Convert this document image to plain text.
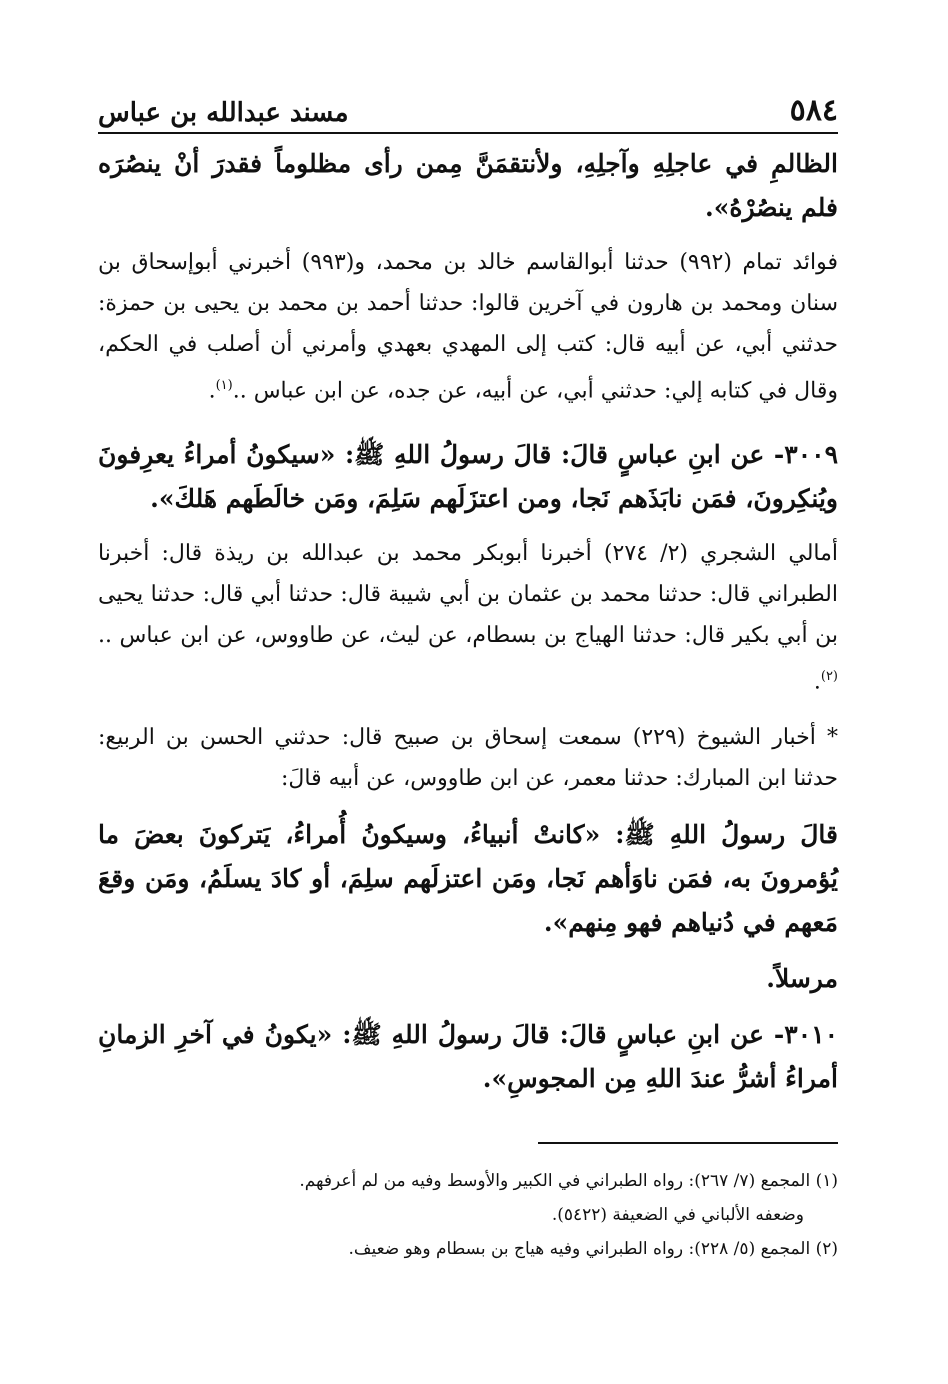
٥٨٤
مسند عبدالله بن عباس

الظالمِ في عاجلِهِ وآجلِهِ، ولأنتقمَنَّ مِمن رأى مظلوماً فقدرَ أنْ ينصُرَه فلم ينصُرْهُ».

فوائد تمام (٩٩٢) حدثنا أبوالقاسم خالد بن محمد، و(٩٩٣) أخبرني أبوإسحاق بن سنان ومحمد بن هارون في آخرين قالوا: حدثنا أحمد بن محمد بن يحيى بن حمزة: حدثني أبي، عن أبيه قال: كتب إلى المهدي بعهدي وأمرني أن أصلب في الحكم، وقال في كتابه إلي: حدثني أبي، عن أبيه، عن جده، عن ابن عباس ..$^{(١)}$.

٣٠٠٩- عن ابنِ عباسٍ قالَ: قالَ رسولُ اللهِ ﷺ: «سيكونُ أمراءُ يعرِفونَ ويُنكِرونَ، فمَن نابَذَهم نَجا، ومن اعتزَلَهم سَلِمَ، ومَن خالَطَهم هَلكَ».

أمالي الشجري (٢/ ٢٧٤) أخبرنا أبوبكر محمد بن عبدالله بن ريذة قال: أخبرنا الطبراني قال: حدثنا محمد بن عثمان بن أبي شيبة قال: حدثنا أبي قال: حدثنا يحيى بن أبي بكير قال: حدثنا الهياج بن بسطام، عن ليث، عن طاووس، عن ابن عباس ..$^{(٢)}$.

* أخبار الشيوخ (٢٢٩) سمعت إسحاق بن صبيح قال: حدثني الحسن بن الربيع: حدثنا ابن المبارك: حدثنا معمر، عن ابن طاووس، عن أبيه قالَ:

قالَ رسولُ اللهِ ﷺ: «كانتْ أنبياءُ، وسيكونُ أُمراءُ، يَتركونَ بعضَ ما يُؤمرونَ به، فمَن ناوَأهم نَجا، ومَن اعتزلَهم سلِمَ، أو كادَ يسلَمُ، ومَن وقعَ مَعهم في دُنياهم فهو مِنهم».

مرسلاً.

٣٠١٠- عن ابنِ عباسٍ قالَ: قالَ رسولُ اللهِ ﷺ: «يكونُ في آخرِ الزمانِ أمراءُ أشرُّ عندَ اللهِ مِن المجوسِ».

(١) المجمع (٧/ ٢٦٧): رواه الطبراني في الكبير والأوسط وفيه من لم أعرفهم.

وضعفه الألباني في الضعيفة (٥٤٢٢).

(٢) المجمع (٥/ ٢٢٨): رواه الطبراني وفيه هياج بن بسطام وهو ضعيف.
